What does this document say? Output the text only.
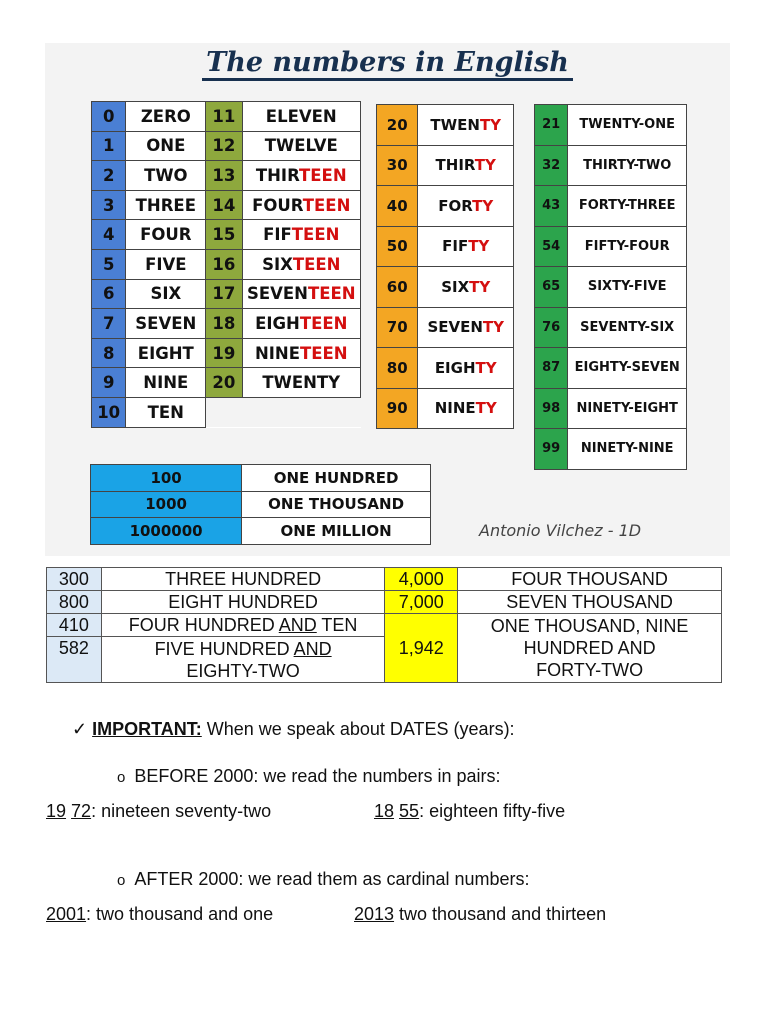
The numbers in English
0	ZERO	11	ELEVEN
1	ONE	12	TWELVE
2	TWO	13	THIRTEEN
3	THREE	14	FOURTEEN
4	FOUR	15	FIFTEEN
5	FIVE	16	SIXTEEN
6	SIX	17	SEVENTEEN
7	SEVEN	18	EIGHTEEN
8	EIGHT	19	NINETEEN
9	NINE	20	TWENTY
10	TEN		
20	TWENTY
30	THIRTY
40	FORTY
50	FIFTY
60	SIXTY
70	SEVENTY
80	EIGHTY
90	NINETY
21	TWENTY-ONE
32	THIRTY-TWO
43	FORTY-THREE
54	FIFTY-FOUR
65	SIXTY-FIVE
76	SEVENTY-SIX
87	EIGHTY-SEVEN
98	NINETY-EIGHT
99	NINETY-NINE
100	ONE HUNDRED
1000	ONE THOUSAND
1000000	ONE MILLION	Antonio Vilchez - 1D
300	THREE HUNDRED	4,000	FOUR THOUSAND
800	EIGHT HUNDRED	7,000	SEVEN THOUSAND
410	FOUR HUNDRED AND TEN	1,942	ONE THOUSAND, NINE
HUNDRED AND
FORTY-TWO

582	FIVE HUNDRED AND
EIGHTY-TWO		
✓ IMPORTANT: When we speak about DATES (years):
o BEFORE 2000: we read the numbers in pairs:
19 72: nineteen seventy-two	18 55: eighteen fifty-five
o AFTER 2000: we read them as cardinal numbers:
2001: two thousand and one	2013 two thousand and thirteen
